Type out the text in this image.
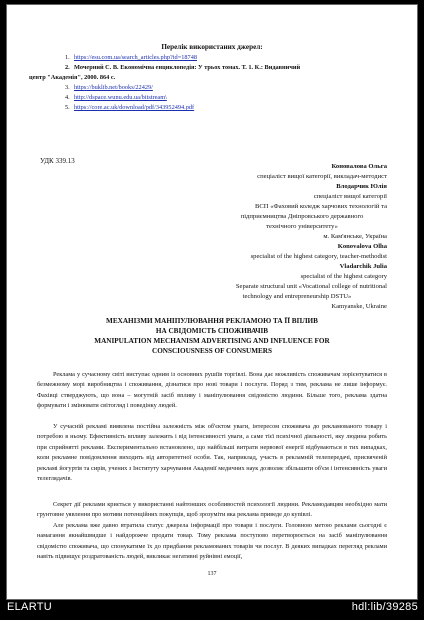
Перелік використаних джерел:
1. https://esu.com.ua/search_articles.php?id=18748
2. Мочерний С. В. Економічна енциклопедія: У трьох томах. Т. 1. К.: Видавничий
центр "Академія", 2000. 864 с.
3. https://buklib.net/books/22429/
4. http://dspace.wunu.edu.ua/bitstream\
5. https://core.ac.uk/download/pdf/343952494.pdf
УДК 339.13
Коновалова Ольга
спеціаліст вищої категорії, викладач-методист
Влодарчик Юлія
спеціаліст вищої категорії
ВСП «Фаховий коледж харчових технологій та
підприємництва Дніпровського державного
технічного університету»
м. Кам'янське, Україна
Konovalova Olha
specialist of the highest category, teacher-methodist
Vladarchik Julia
specialist of the highest category
Separate structural unit «Vocational college of nutritional
technology and entrepreneurship DSTU»
Kamyanske, Ukraine
МЕХАНІЗМИ МАНІПУЛЮВАННЯ РЕКЛАМОЮ ТА ЇЇ ВПЛИВ
НА СВІДОМІСТЬ СПОЖИВАЧІВ
MANIPULATION MECHANISM ADVERTISING AND INFLUENCE FOR
CONSCIOUSNESS OF CONSUMERS
Реклама у сучасному світі виступає одним із основних рушіїв торгівлі. Вона дає можливість споживачам зорієнтуватися в безмежному морі виробництва і споживання, дізнатися про нові товари і послуги. Поряд з тим, реклама не лише інформує. Фахівці стверджують, що вона – могутній засіб впливу і маніпулювання свідомістю людини. Більше того, реклама здатна формувати і змінювати світогляд і поведінку людей.
У сучасній рекламі виявлена постійна залежність між об'єктом уваги, інтересом споживача до рекламованого товару і потребою в ньому. Ефективність впливу залежить і від інтенсивності уваги, а саме тієї психічної діяльності, яку людина робить при сприйнятті реклами. Експериментально встановлено, що найбільші витрати нервової енергії відбуваються в тих випадках, коли рекламне повідомлення виходить від авторитетної особи. Так, наприклад, участь в рекламній телепередачі, присвяченій рекламі йогуртів та сирів, учених з Інституту харчування Академії медичних наук дозволяє збільшити об'єм і інтенсивність уваги телеглядачів.
Секрет дії реклами криється у використанні найтонших особливостей психології людини. Рекламодавцям необхідно мати грунтовне уявлення про мотиви потенційних покупців, щоб зрозуміти яка реклама приведе до купівлі.
Але реклама вже давно втратила статус джерела інформації про товари і послуги. Головною метою реклами сьогодні є намагання якнайшвидше і найдорожче продати товар. Тому реклама поступово перетворюється на засіб маніпулювання свідомістю споживача, що спонукатиме їх до придбання рекламованих товарів чи послуг. В деяких випадках перегляд реклами навіть підвищує роздратованість людей, викликає негативні руйнівні емоції,
137
ELARTU	hdl:lib/39285
